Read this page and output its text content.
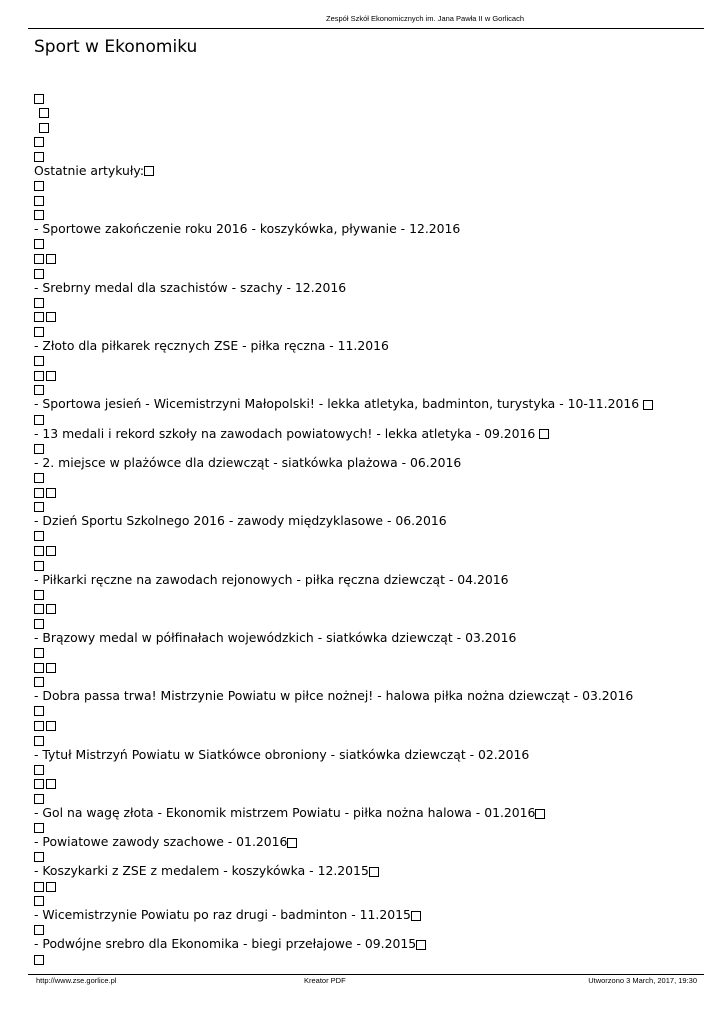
Zespół Szkół Ekonomicznych im. Jana Pawła II w Gorlicach
Sport w Ekonomiku
Ostatnie artykuły:
- Sportowe zakończenie roku 2016 - koszykówka, pływanie - 12.2016
- Srebrny medal dla szachistów - szachy - 12.2016
- Złoto dla piłkarek ręcznych ZSE - piłka ręczna - 11.2016
- Sportowa jesień - Wicemistrzyni Małopolski! - lekka atletyka, badminton, turystyka - 10-11.2016
- 13 medali i rekord szkoły na zawodach powiatowych! - lekka atletyka - 09.2016
- 2. miejsce w plażówce dla dziewcząt - siatkówka plażowa - 06.2016
- Dzień Sportu Szkolnego 2016 - zawody międzyklasowe - 06.2016
- Piłkarki ręczne na zawodach rejonowych - piłka ręczna dziewcząt - 04.2016
- Brązowy medal w półfinałach wojewódzkich - siatkówka dziewcząt - 03.2016
- Dobra passa trwa! Mistrzynie Powiatu w piłce nożnej! - halowa piłka nożna dziewcząt - 03.2016
- Tytuł Mistrzyń Powiatu w Siatkówce obroniony - siatkówka dziewcząt - 02.2016
- Gol na wagę złota - Ekonomik mistrzem Powiatu - piłka nożna halowa - 01.2016
- Powiatowe zawody szachowe - 01.2016
- Koszykarki z ZSE z medalem - koszykówka - 12.2015
- Wicemistrzynie Powiatu po raz drugi - badminton - 11.2015
- Podwójne srebro dla Ekonomika - biegi przełajowe - 09.2015
http://www.zse.gorlice.pl	Kreator PDF	Utworzono 3 March, 2017, 19:30
